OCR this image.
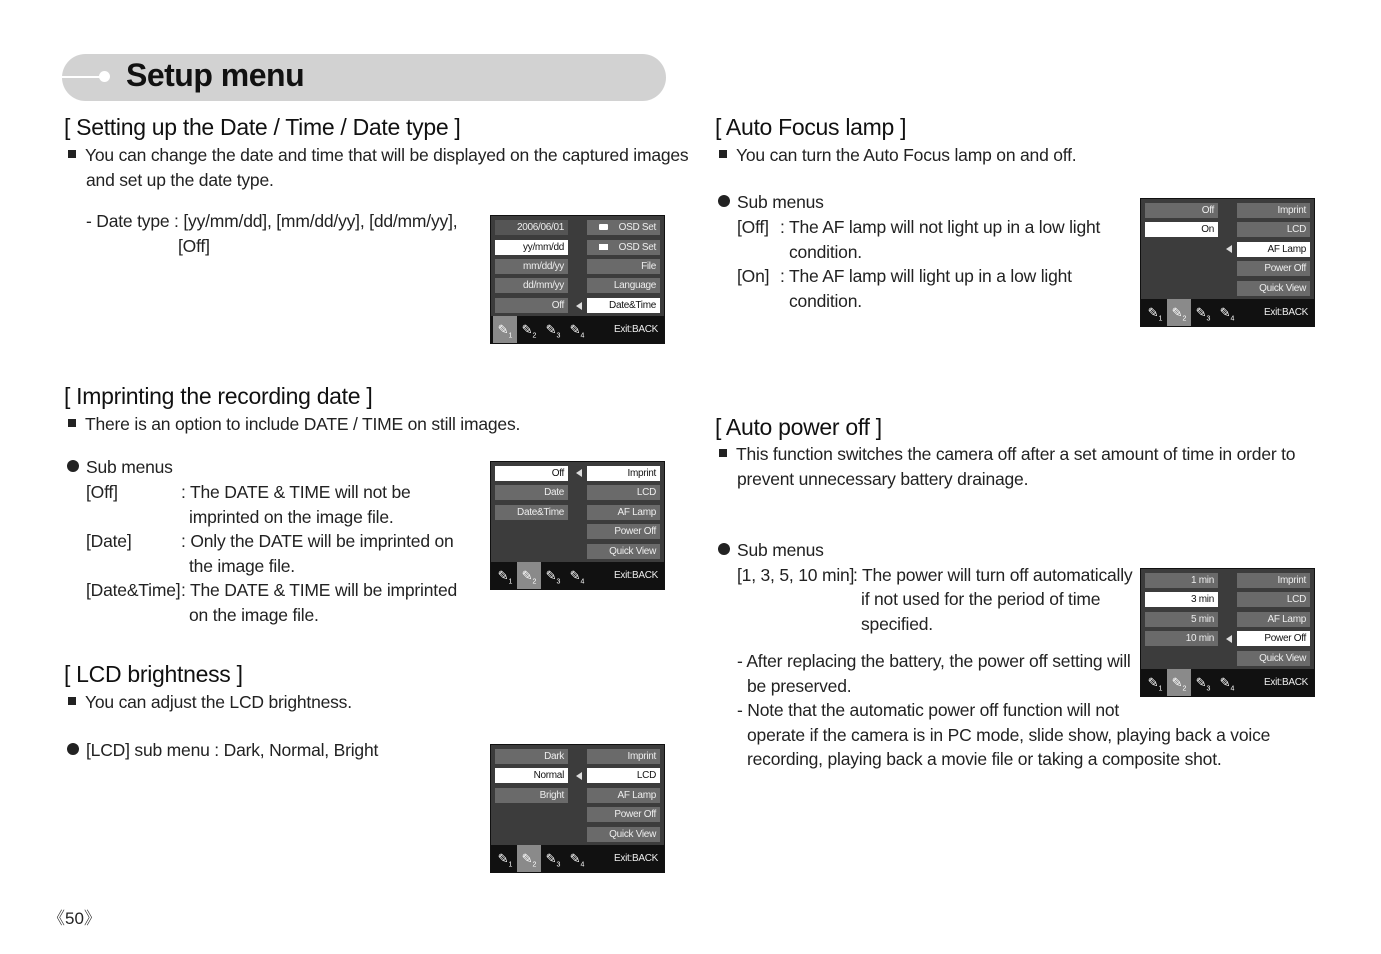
Setup menu
[ Setting up the Date / Time / Date type ]
You can change the date and time that will be displayed on the captured images
and set up the date type.
- Date type : [yy/mm/dd], [mm/dd/yy], [dd/mm/yy],
[Off]
2006/06/01
yy/mm/dd
mm/dd/yy
dd/mm/yy
Off
OSD Set
OSD Set
File
Language
Date&Time
$✎_1$ $✎_2$ $✎_3$ $✎_4$
Exit:BACK
[ Imprinting the recording date ]
There is an option to include DATE / TIME on still images.
Sub menus
[Off]	: The DATE & TIME will not be
imprinted on the image file.
[Date]	: Only the DATE will be imprinted on
the image file.
[Date&Time] : The DATE & TIME will be imprinted
on the image file.
Off
Date
Date&Time
Imprint
LCD
AF Lamp
Power Off
Quick View
$✎_1$ $✎_2$ $✎_3$ $✎_4$
Exit:BACK
[ LCD brightness ]
You can adjust the LCD brightness.
[LCD] sub menu : Dark, Normal, Bright	Dark
Normal
Bright
Imprint
LCD
AF Lamp
Power Off
Quick View
$✎_1$ $✎_2$ $✎_3$ $✎_4$
Exit:BACK
[ Auto Focus lamp ]
You can turn the Auto Focus lamp on and off.
Sub menus
[Off] : The AF lamp will not light up in a low light
condition.
[On] : The AF lamp will light up in a low light
condition.
Off
On
Imprint
LCD
AF Lamp
Power Off
Quick View
$✎_1$ $✎_2$ $✎_3$ $✎_4$
Exit:BACK
[ Auto power off ]
This function switches the camera off after a set amount of time in order to
prevent unnecessary battery drainage.
Sub menus
[1, 3, 5, 10 min]
: The power will turn off automatically
if not used for the period of time
specified.
- After replacing the battery, the power off setting will
be preserved.
- Note that the automatic power off function will not
operate if the camera is in PC mode, slide show, playing back a voice
recording, playing back a movie file or taking a composite shot.
1 min
3 min
5 min
10 min
Imprint
LCD
AF Lamp
Power Off
Quick View
$✎_1$ $✎_2$ $✎_3$ $✎_4$
Exit:BACK
《50》
